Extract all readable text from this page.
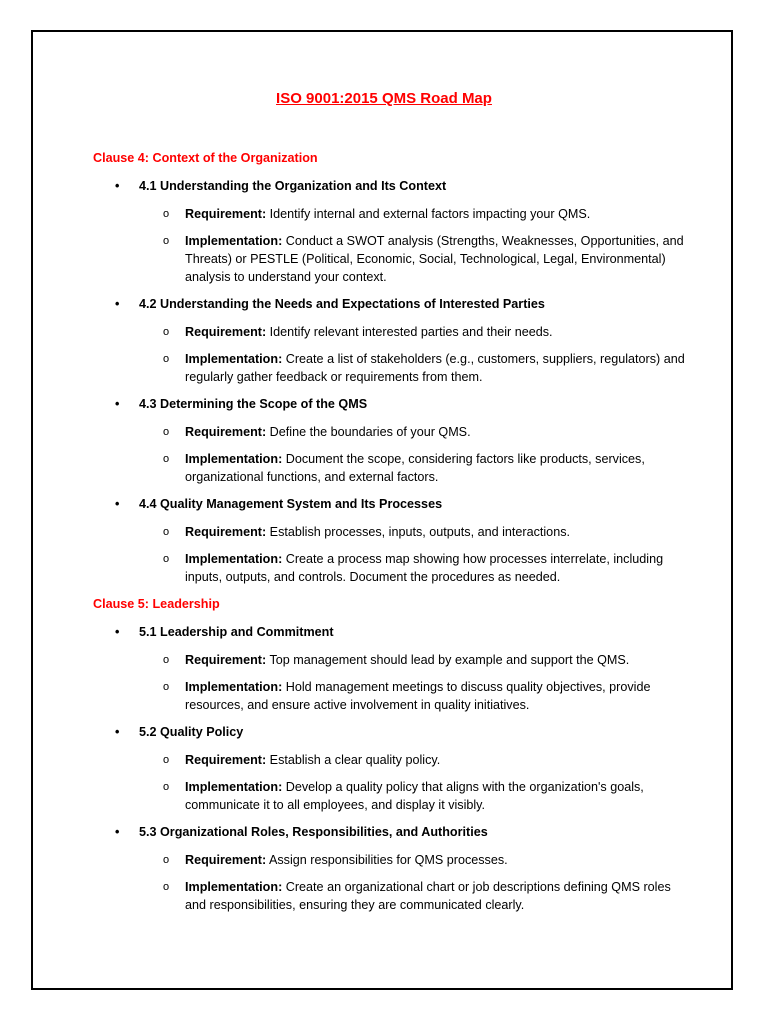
ISO 9001:2015 QMS Road Map
Clause 4: Context of the Organization
• 4.1 Understanding the Organization and Its Context
o Requirement: Identify internal and external factors impacting your QMS.
o Implementation: Conduct a SWOT analysis (Strengths, Weaknesses, Opportunities, and Threats) or PESTLE (Political, Economic, Social, Technological, Legal, Environmental) analysis to understand your context.
• 4.2 Understanding the Needs and Expectations of Interested Parties
o Requirement: Identify relevant interested parties and their needs.
o Implementation: Create a list of stakeholders (e.g., customers, suppliers, regulators) and regularly gather feedback or requirements from them.
• 4.3 Determining the Scope of the QMS
o Requirement: Define the boundaries of your QMS.
o Implementation: Document the scope, considering factors like products, services, organizational functions, and external factors.
• 4.4 Quality Management System and Its Processes
o Requirement: Establish processes, inputs, outputs, and interactions.
o Implementation: Create a process map showing how processes interrelate, including inputs, outputs, and controls. Document the procedures as needed.
Clause 5: Leadership
• 5.1 Leadership and Commitment
o Requirement: Top management should lead by example and support the QMS.
o Implementation: Hold management meetings to discuss quality objectives, provide resources, and ensure active involvement in quality initiatives.
• 5.2 Quality Policy
o Requirement: Establish a clear quality policy.
o Implementation: Develop a quality policy that aligns with the organization's goals, communicate it to all employees, and display it visibly.
• 5.3 Organizational Roles, Responsibilities, and Authorities
o Requirement: Assign responsibilities for QMS processes.
o Implementation: Create an organizational chart or job descriptions defining QMS roles and responsibilities, ensuring they are communicated clearly.
